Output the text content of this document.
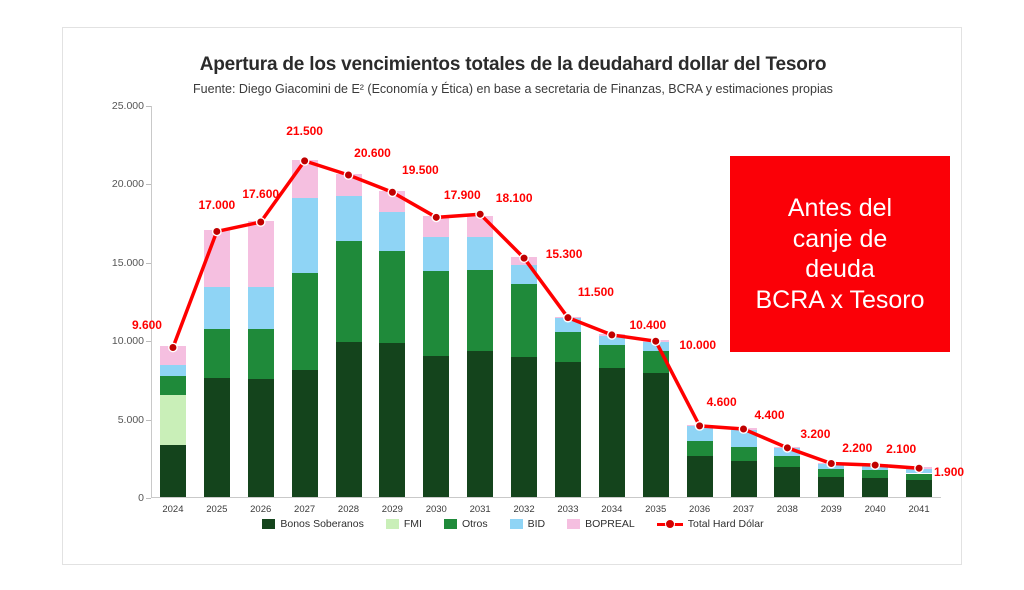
Apertura de los vencimientos totales de la deudahard dollar del Tesoro
Fuente: Diego Giacomini de E² (Economía y Ética) en base a secretaria de Finanzas, BCRA y estimaciones propias
0
5.000
10.000
15.000
20.000
25.000
2024	2025	2026	2027	2028	2029	2030	2031	2032	2033	2034	2035	2036	2037	2038	2039	2040	2041
9.600
17.000
17.600
21.500
20.600
19.500
17.900 18.100
15.300
11.500
10.400
10.000
4.600
4.400
3.200
2.200 2.100
1.900
Bonos Soberanos	FMI	Otros	BID	BOPREAL	Total Hard Dólar
Antes del
canje de
deuda
BCRA x Tesoro
